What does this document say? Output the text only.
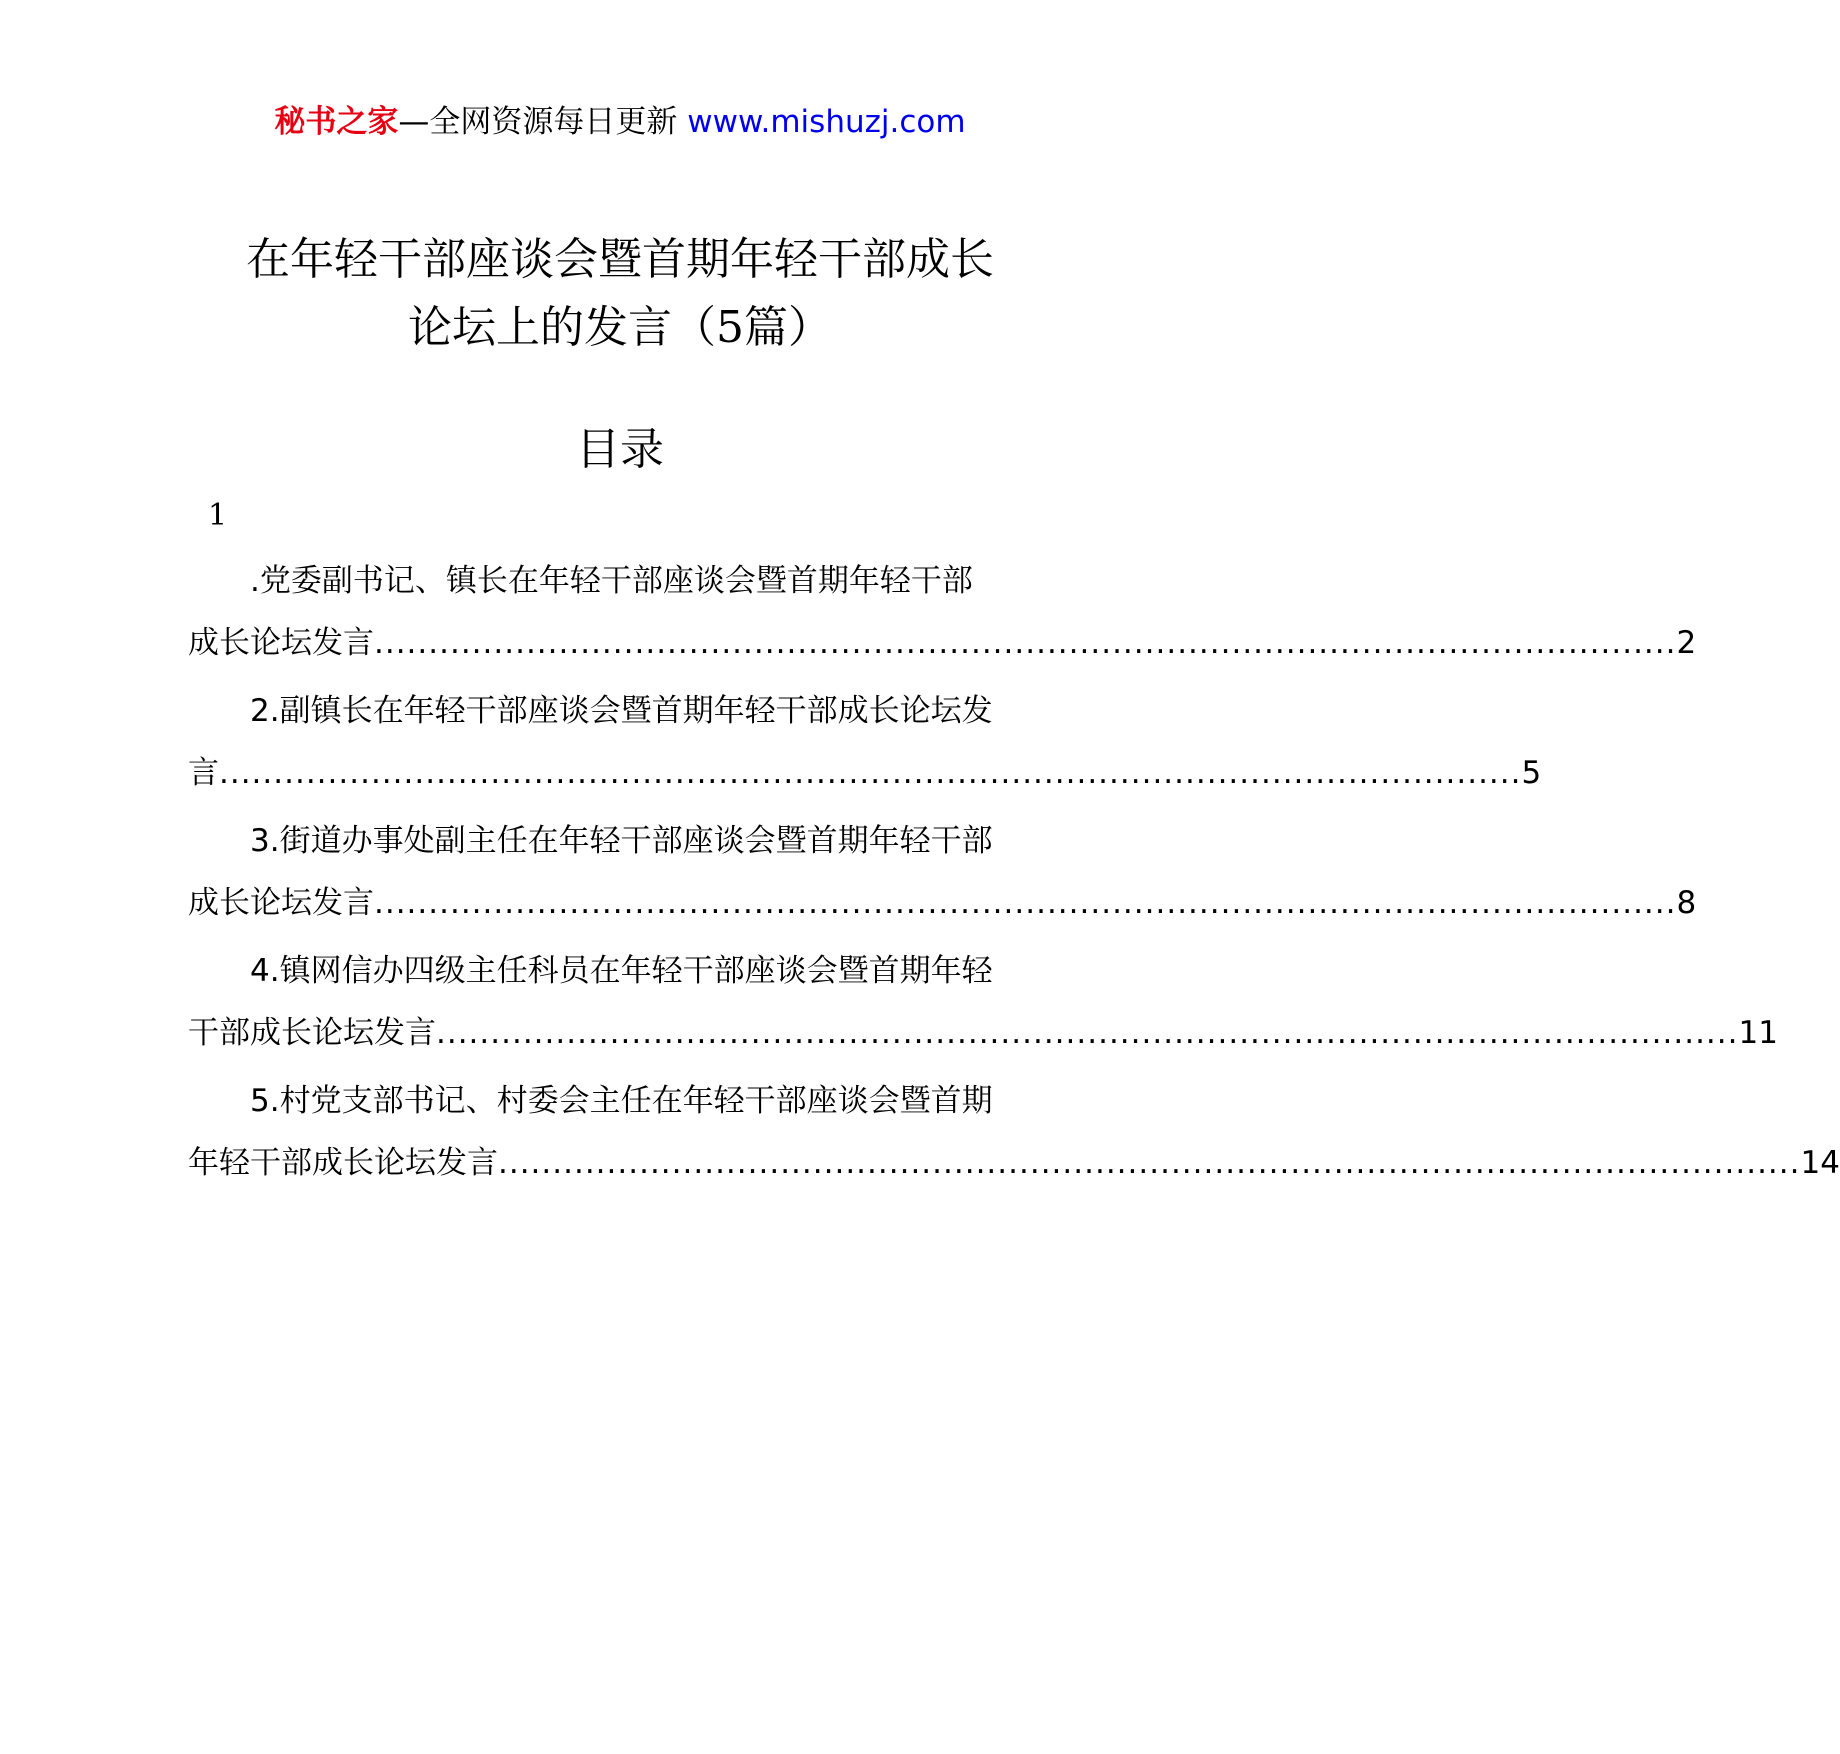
秘书之家—全网资源每日更新 www.mishuzj.com
在年轻干部座谈会暨首期年轻干部成长
论坛上的发言（5篇）
目录
1
.党委副书记、镇长在年轻干部座谈会暨首期年轻干部
成长论坛发言 ........................................................................................................................ 2
2.副镇长在年轻干部座谈会暨首期年轻干部成长论坛发
言 ........................................................................................................................ 5
3.街道办事处副主任在年轻干部座谈会暨首期年轻干部
成长论坛发言 ........................................................................................................................ 8
4.镇网信办四级主任科员在年轻干部座谈会暨首期年轻
干部成长论坛发言 ........................................................................................................................ 11
5.村党支部书记、村委会主任在年轻干部座谈会暨首期
年轻干部成长论坛发言 ........................................................................................................................ 14
